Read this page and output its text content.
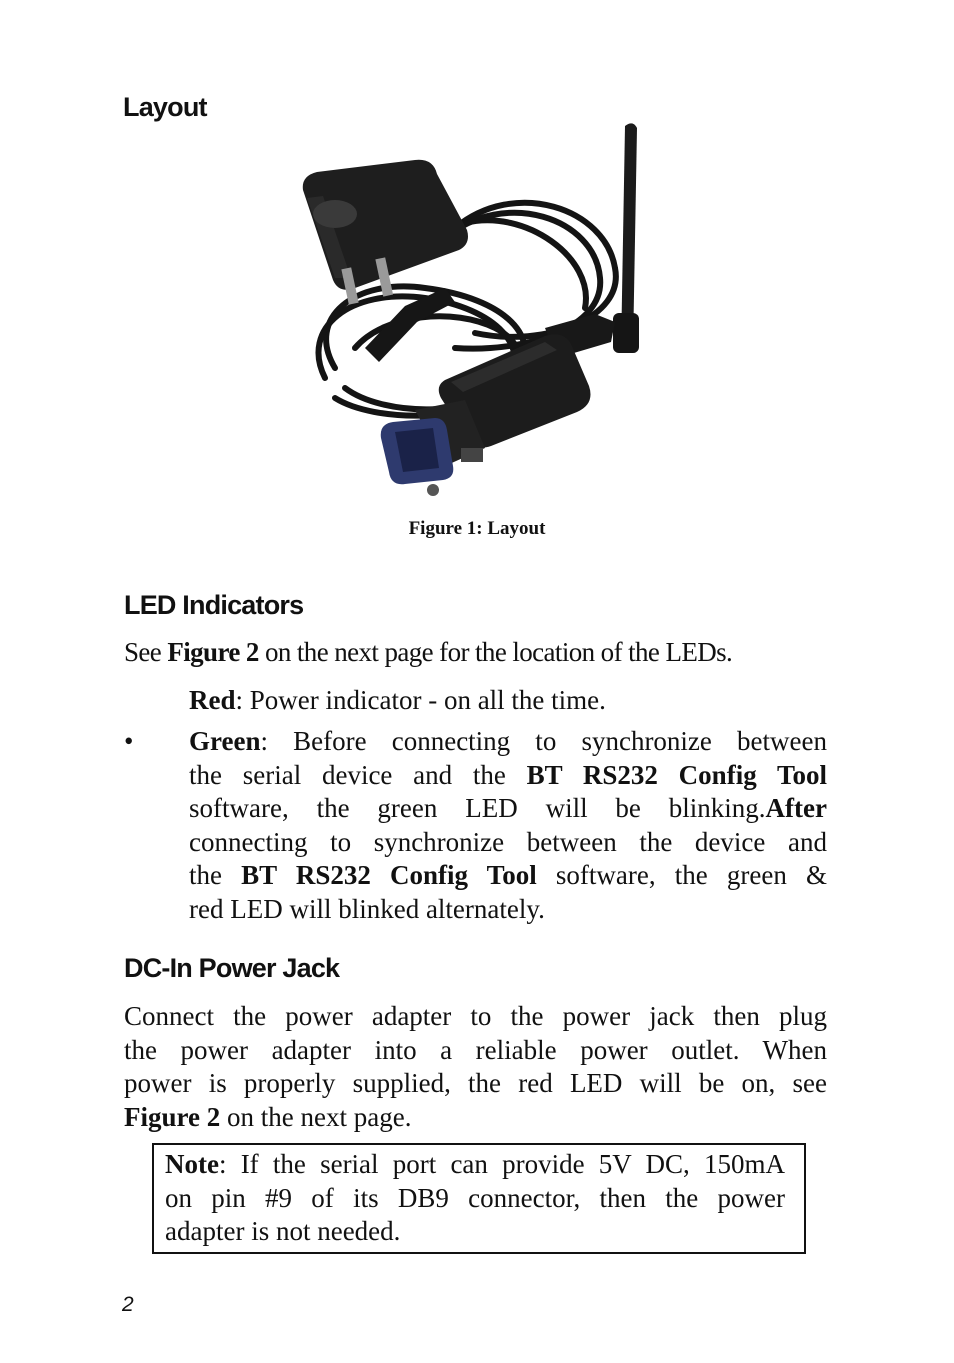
Layout
Figure 1: Layout
LED Indicators

See Figure 2 on the next page for the location of the LEDs.

Red: Power indicator - on all the time.

• Green: Before connecting to synchronize between
the serial device and the BT RS232 Config Tool
software, the green LED will be blinking.After
connecting to synchronize between the device and
the BT RS232 Config Tool software, the green &
red LED will blinked alternately.
DC-In Power Jack
Connect the power adapter to the power jack then plug
the power adapter into a reliable power outlet. When
power is properly supplied, the red LED will be on, see
Figure 2 on the next page.
Note: If the serial port can provide 5V DC, 150mA
on pin #9 of its DB9 connector, then the power
adapter is not needed.
2
